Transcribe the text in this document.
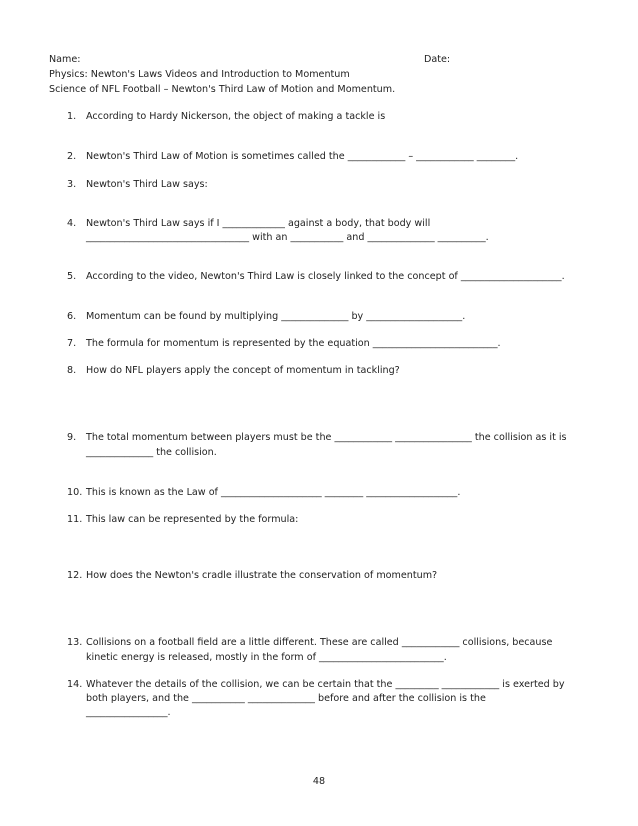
Name:	Date:
Physics: Newton's Laws Videos and Introduction to Momentum
Science of NFL Football – Newton's Third Law of Motion and Momentum.
1.	According to Hardy Nickerson, the object of making a tackle is
2.	Newton's Third Law of Motion is sometimes called the ____________ – ____________ ________.
3.	Newton's Third Law says:
4.	Newton's Third Law says if I _____________ against a body, that body will
__________________________________ with an ___________ and ______________ __________.
5.	According to the video, Newton's Third Law is closely linked to the concept of _____________________.
6.	Momentum can be found by multiplying ______________ by ____________________.
7.	The formula for momentum is represented by the equation __________________________.
8.	How do NFL players apply the concept of momentum in tackling?
9.	The total momentum between players must be the ____________ ________________ the collision as it is
______________ the collision.
10. This is known as the Law of _____________________ ________ ___________________.
11. This law can be represented by the formula:
12. How does the Newton's cradle illustrate the conservation of momentum?
13. Collisions on a football field are a little different. These are called ____________ collisions, because
kinetic energy is released, mostly in the form of __________________________.
14. Whatever the details of the collision, we can be certain that the _________ ____________ is exerted by
both players, and the ___________ ______________ before and after the collision is the
_________________.
48
